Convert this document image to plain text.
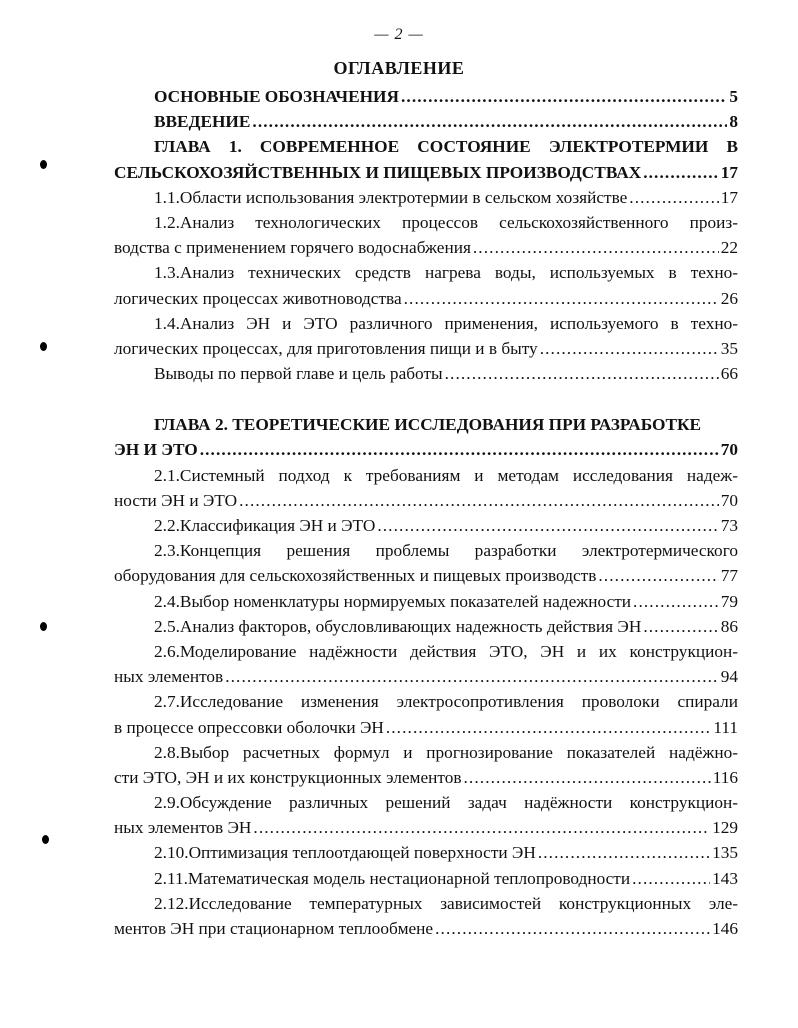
— 2 —
ОГЛАВЛЕНИЕ
ОСНОВНЫЕ ОБОЗНАЧЕНИЯ .....	5
ВВЕДЕНИЕ .....	8
ГЛАВА 1. СОВРЕМЕННОЕ СОСТОЯНИЕ ЭЛЕКТРОТЕРМИИ В
СЕЛЬСКОХОЗЯЙСТВЕННЫХ И ПИЩЕВЫХ ПРОИЗВОДСТВАХ .....	17
1.1.Области использования электротермии в сельском хозяйстве .....	17
1.2.Анализ технологических процессов сельскохозяйственного произ-
водства с применением горячего водоснабжения .....	22
1.3.Анализ технических средств нагрева воды, используемых в техно-
логических процессах животноводства .....	26
1.4.Анализ ЭН и ЭТО различного применения, используемого в техно-
логических процессах, для приготовления пищи и в быту .....	35
Выводы по первой главе и цель работы .....	66
ГЛАВА 2. ТЕОРЕТИЧЕСКИЕ ИССЛЕДОВАНИЯ ПРИ РАЗРАБОТКЕ
ЭН И ЭТО .....	70
2.1.Системный подход к требованиям и методам исследования надеж-
ности ЭН и ЭТО .....	70
2.2.Классификация ЭН и ЭТО .....	73
2.3.Концепция решения проблемы разработки электротермического
оборудования для сельскохозяйственных и пищевых производств .....	77
2.4.Выбор номенклатуры нормируемых показателей надежности .....	79
2.5.Анализ факторов, обусловливающих надежность действия ЭН .....	86
2.6.Моделирование надёжности действия ЭТО, ЭН и их конструкцион-
ных элементов .....	94
2.7.Исследование изменения электросопротивления проволоки спирали
в процессе опрессовки оболочки ЭН .....	111
2.8.Выбор расчетных формул и прогнозирование показателей надёжно-
сти ЭТО, ЭН и их конструкционных элементов .....	116
2.9.Обсуждение различных решений задач надёжности конструкцион-
ных элементов ЭН .....	129
2.10.Оптимизация теплоотдающей поверхности ЭН .....	135
2.11.Математическая модель нестационарной теплопроводности .....	143
2.12.Исследование температурных зависимостей конструкционных эле-
ментов ЭН при стационарном теплообмене .....	146
